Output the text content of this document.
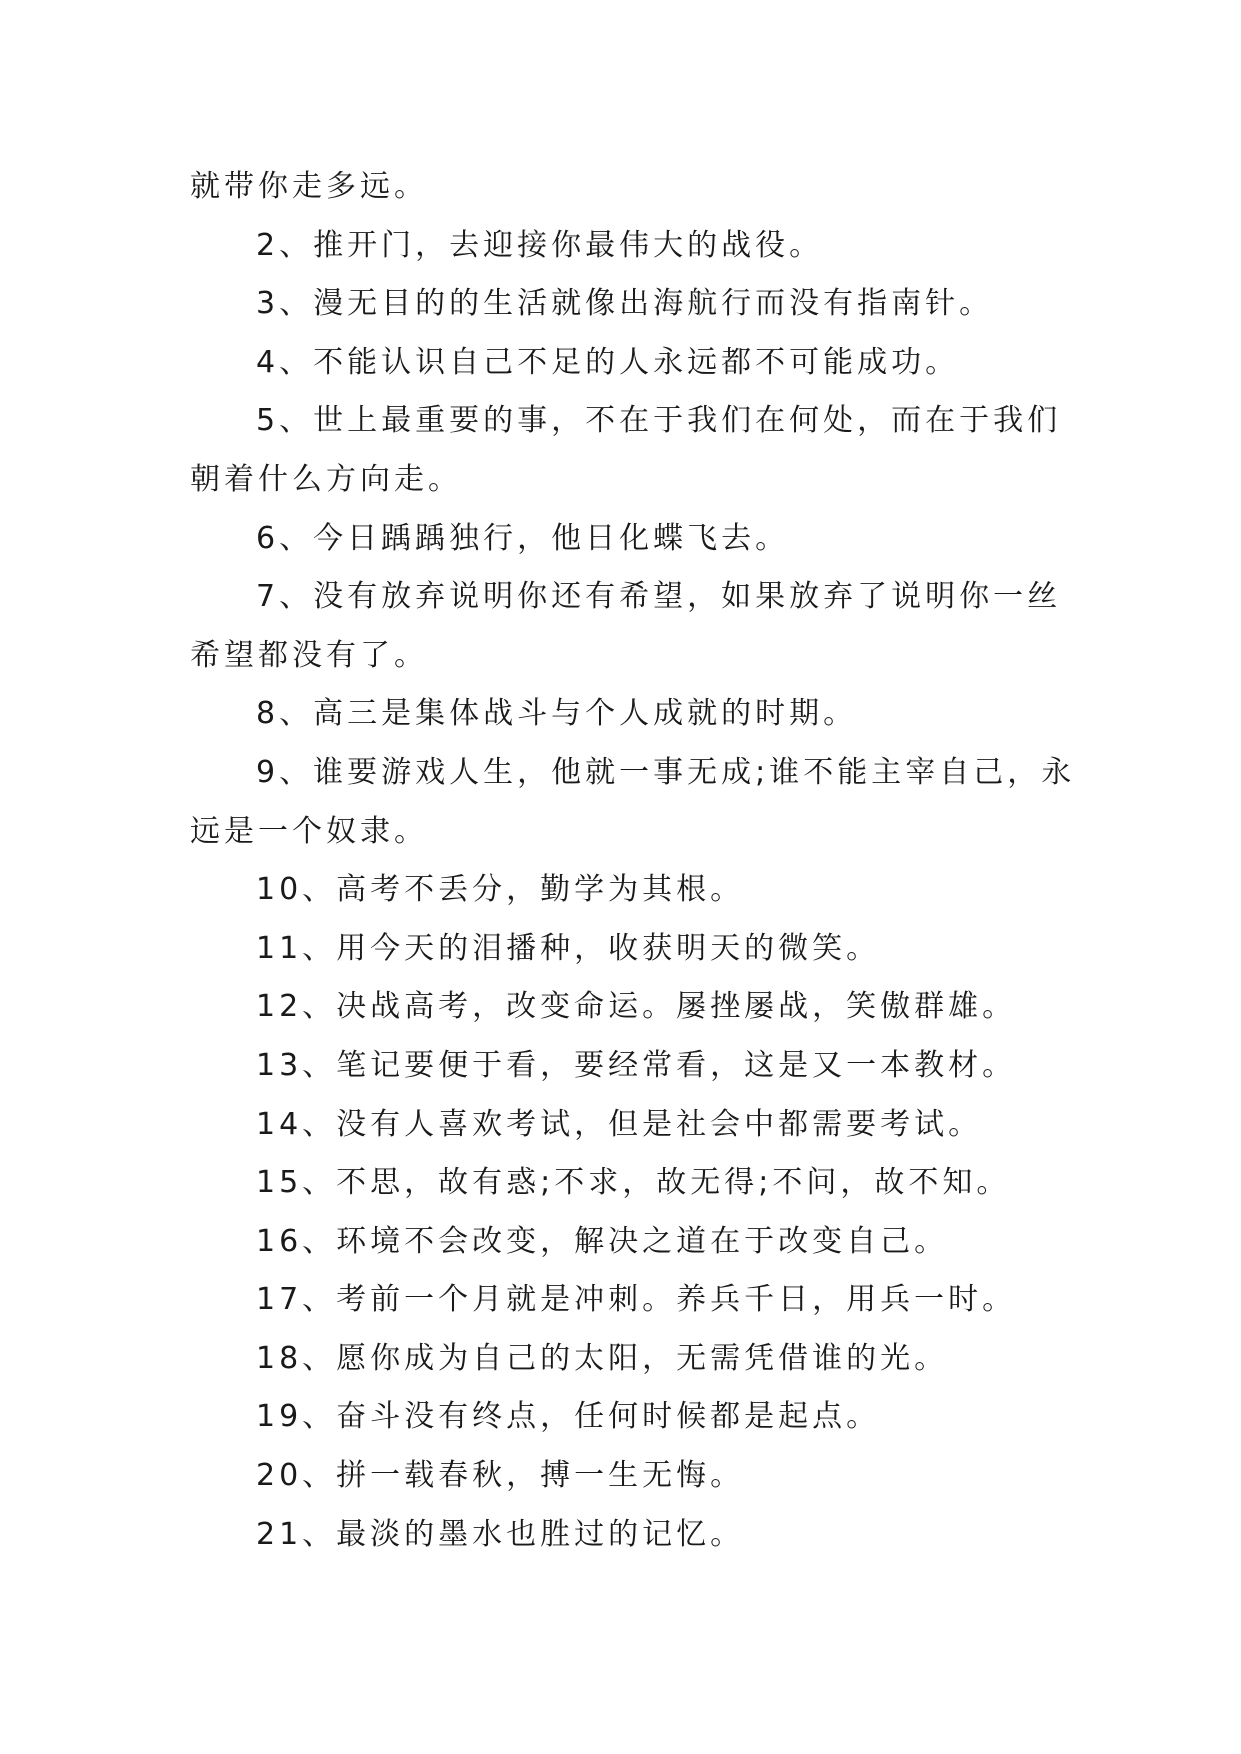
就带你走多远。
2、推开门，去迎接你最伟大的战役。
3、漫无目的的生活就像出海航行而没有指南针。
4、不能认识自己不足的人永远都不可能成功。
5、世上最重要的事，不在于我们在何处，而在于我们
朝着什么方向走。
6、今日踽踽独行，他日化蝶飞去。
7、没有放弃说明你还有希望，如果放弃了说明你一丝
希望都没有了。
8、高三是集体战斗与个人成就的时期。
9、谁要游戏人生，他就一事无成;谁不能主宰自己，永
远是一个奴隶。
10、高考不丢分，勤学为其根。
11、用今天的泪播种，收获明天的微笑。
12、决战高考，改变命运。屡挫屡战，笑傲群雄。
13、笔记要便于看，要经常看，这是又一本教材。
14、没有人喜欢考试，但是社会中都需要考试。
15、不思，故有惑;不求，故无得;不问，故不知。
16、环境不会改变，解决之道在于改变自己。
17、考前一个月就是冲刺。养兵千日，用兵一时。
18、愿你成为自己的太阳，无需凭借谁的光。
19、奋斗没有终点，任何时候都是起点。
20、拼一载春秋，搏一生无悔。
21、最淡的墨水也胜过的记忆。
